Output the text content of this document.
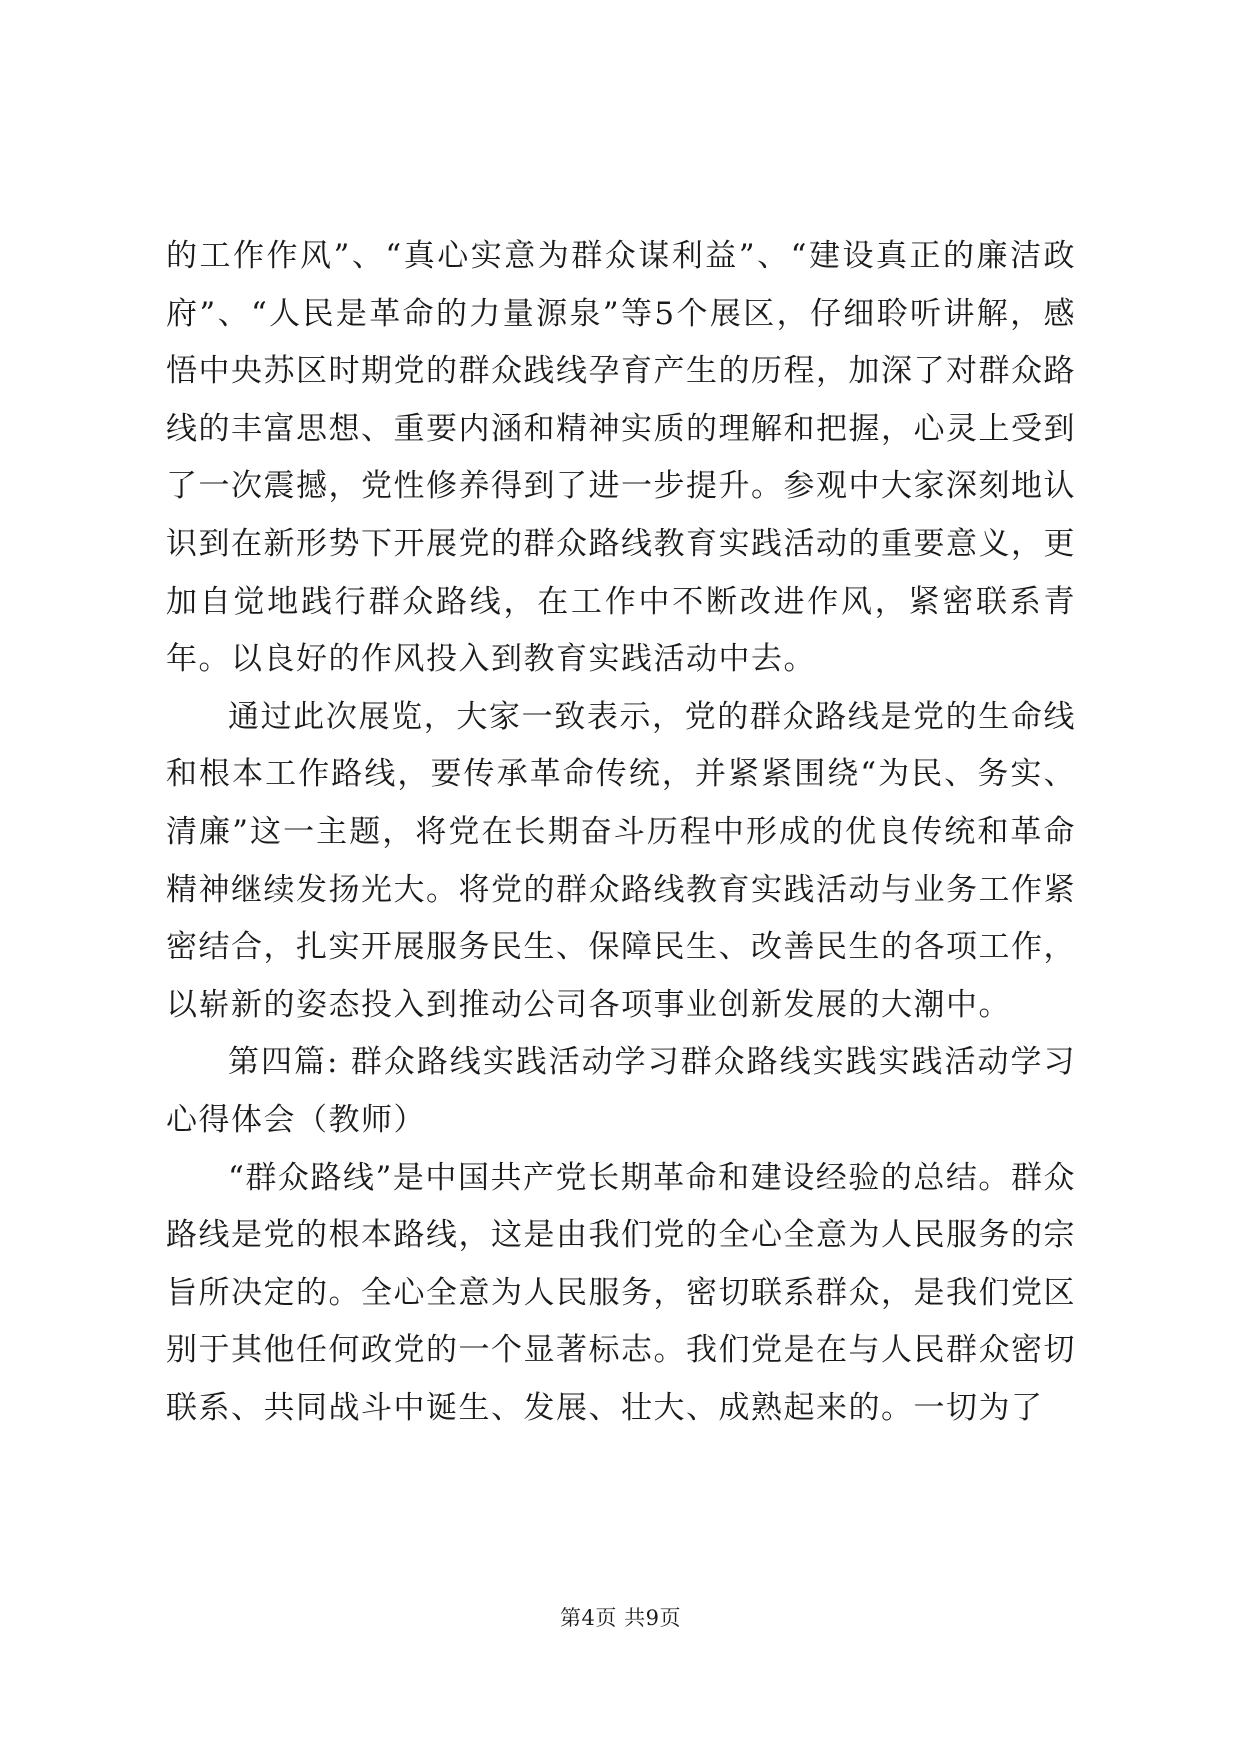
的工作作风”、“真心实意为群众谋利益”、“建设真正的廉洁政府”、“人民是革命的力量源泉”等5个展区，仔细聆听讲解，感悟中央苏区时期党的群众践线孕育产生的历程，加深了对群众路线的丰富思想、重要内涵和精神实质的理解和把握，心灵上受到了一次震撼，党性修养得到了进一步提升。参观中大家深刻地认识到在新形势下开展党的群众路线教育实践活动的重要意义，更加自觉地践行群众路线，在工作中不断改进作风，紧密联系青年。以良好的作风投入到教育实践活动中去。

通过此次展览，大家一致表示，党的群众路线是党的生命线和根本工作路线，要传承革命传统，并紧紧围绕“为民、务实、清廉”这一主题，将党在长期奋斗历程中形成的优良传统和革命精神继续发扬光大。将党的群众路线教育实践活动与业务工作紧密结合，扎实开展服务民生、保障民生、改善民生的各项工作，以崭新的姿态投入到推动公司各项事业创新发展的大潮中。

第四篇: 群众路线实践活动学习群众路线实践实践活动学习心得体会（教师）

“群众路线”是中国共产党长期革命和建设经验的总结。群众路线是党的根本路线，这是由我们党的全心全意为人民服务的宗旨所决定的。全心全意为人民服务，密切联系群众，是我们党区别于其他任何政党的一个显著标志。我们党是在与人民群众密切联系、共同战斗中诞生、发展、壮大、成熟起来的。一切为了

第4页 共9页
